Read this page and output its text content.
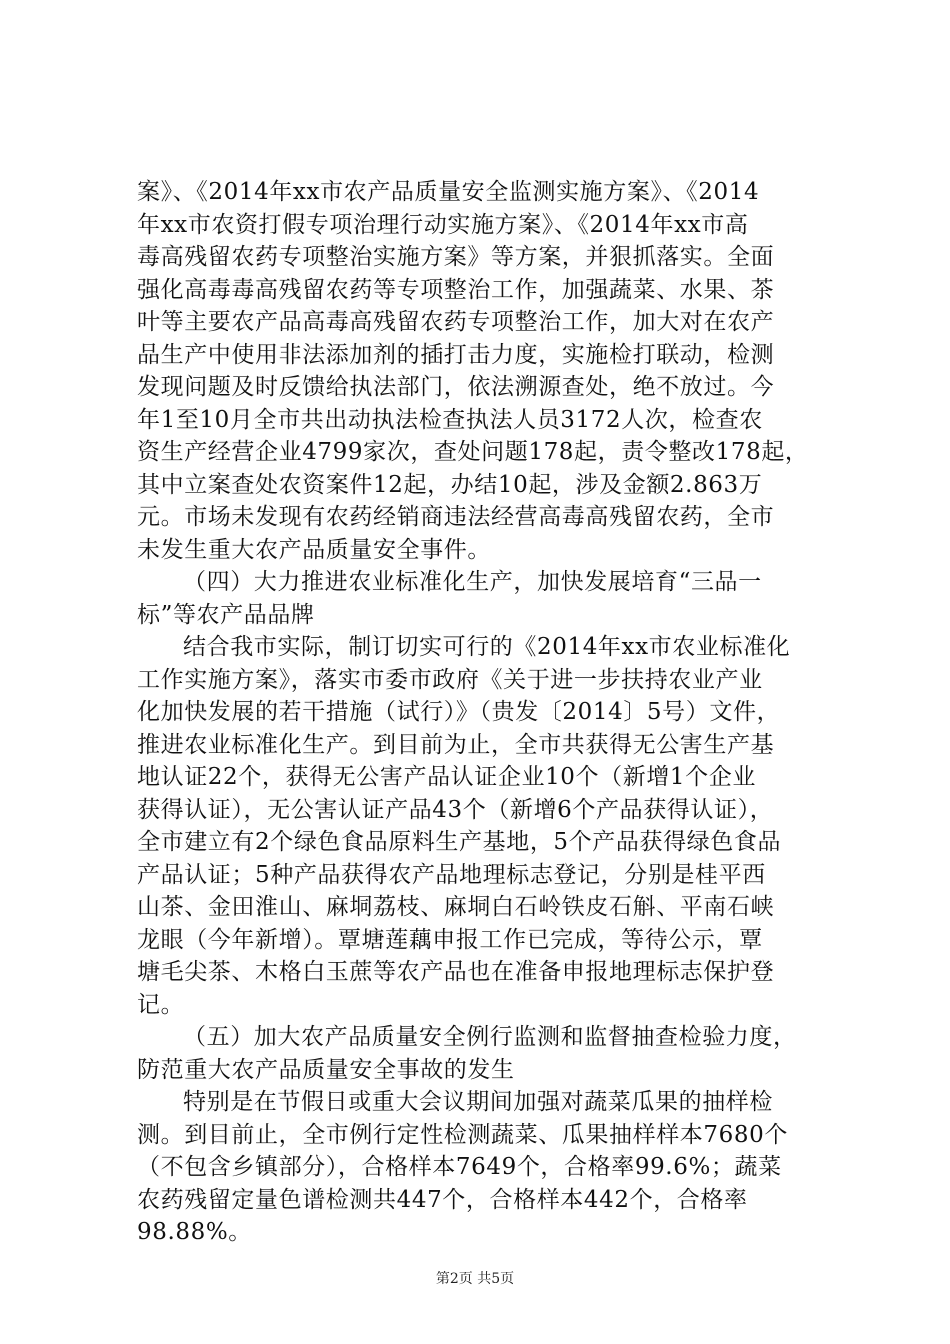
案》、《2014年xx市农产品质量安全监测实施方案》、《2014
年xx市农资打假专项治理行动实施方案》、《2014年xx市高
毒高残留农药专项整治实施方案》等方案，并狠抓落实。全面
强化高毒毒高残留农药等专项整治工作，加强蔬菜、水果、茶
叶等主要农产品高毒高残留农药专项整治工作，加大对在农产
品生产中使用非法添加剂的插打击力度，实施检打联动，检测
发现问题及时反馈给执法部门，依法溯源查处，绝不放过。今
年1至10月全市共出动执法检查执法人员3172人次，检查农
资生产经营企业4799家次，查处问题178起，责令整改178起，
其中立案查处农资案件12起，办结10起，涉及金额2.863万
元。市场未发现有农药经销商违法经营高毒高残留农药，全市
未发生重大农产品质量安全事件。
（四）大力推进农业标准化生产，加快发展培育“三品一
标”等农产品品牌
结合我市实际，制订切实可行的《2014年xx市农业标准化
工作实施方案》，落实市委市政府《关于进一步扶持农业产业
化加快发展的若干措施（试行）》（贵发〔2014〕5号）文件，
推进农业标准化生产。到目前为止，全市共获得无公害生产基
地认证22个，获得无公害产品认证企业10个（新增1个企业
获得认证），无公害认证产品43个（新增6个产品获得认证），
全市建立有2个绿色食品原料生产基地，5个产品获得绿色食品
产品认证；5种产品获得农产品地理标志登记，分别是桂平西
山茶、金田淮山、麻垌荔枝、麻垌白石岭铁皮石斛、平南石峡
龙眼（今年新增）。覃塘莲藕申报工作已完成，等待公示，覃
塘毛尖茶、木格白玉蔗等农产品也在准备申报地理标志保护登
记。
（五）加大农产品质量安全例行监测和监督抽查检验力度，
防范重大农产品质量安全事故的发生
特别是在节假日或重大会议期间加强对蔬菜瓜果的抽样检
测。到目前止，全市例行定性检测蔬菜、瓜果抽样样本7680个
（不包含乡镇部分），合格样本7649个，合格率99.6%；蔬菜
农药残留定量色谱检测共447个，合格样本442个，合格率
98.88%。
第2页 共5页
